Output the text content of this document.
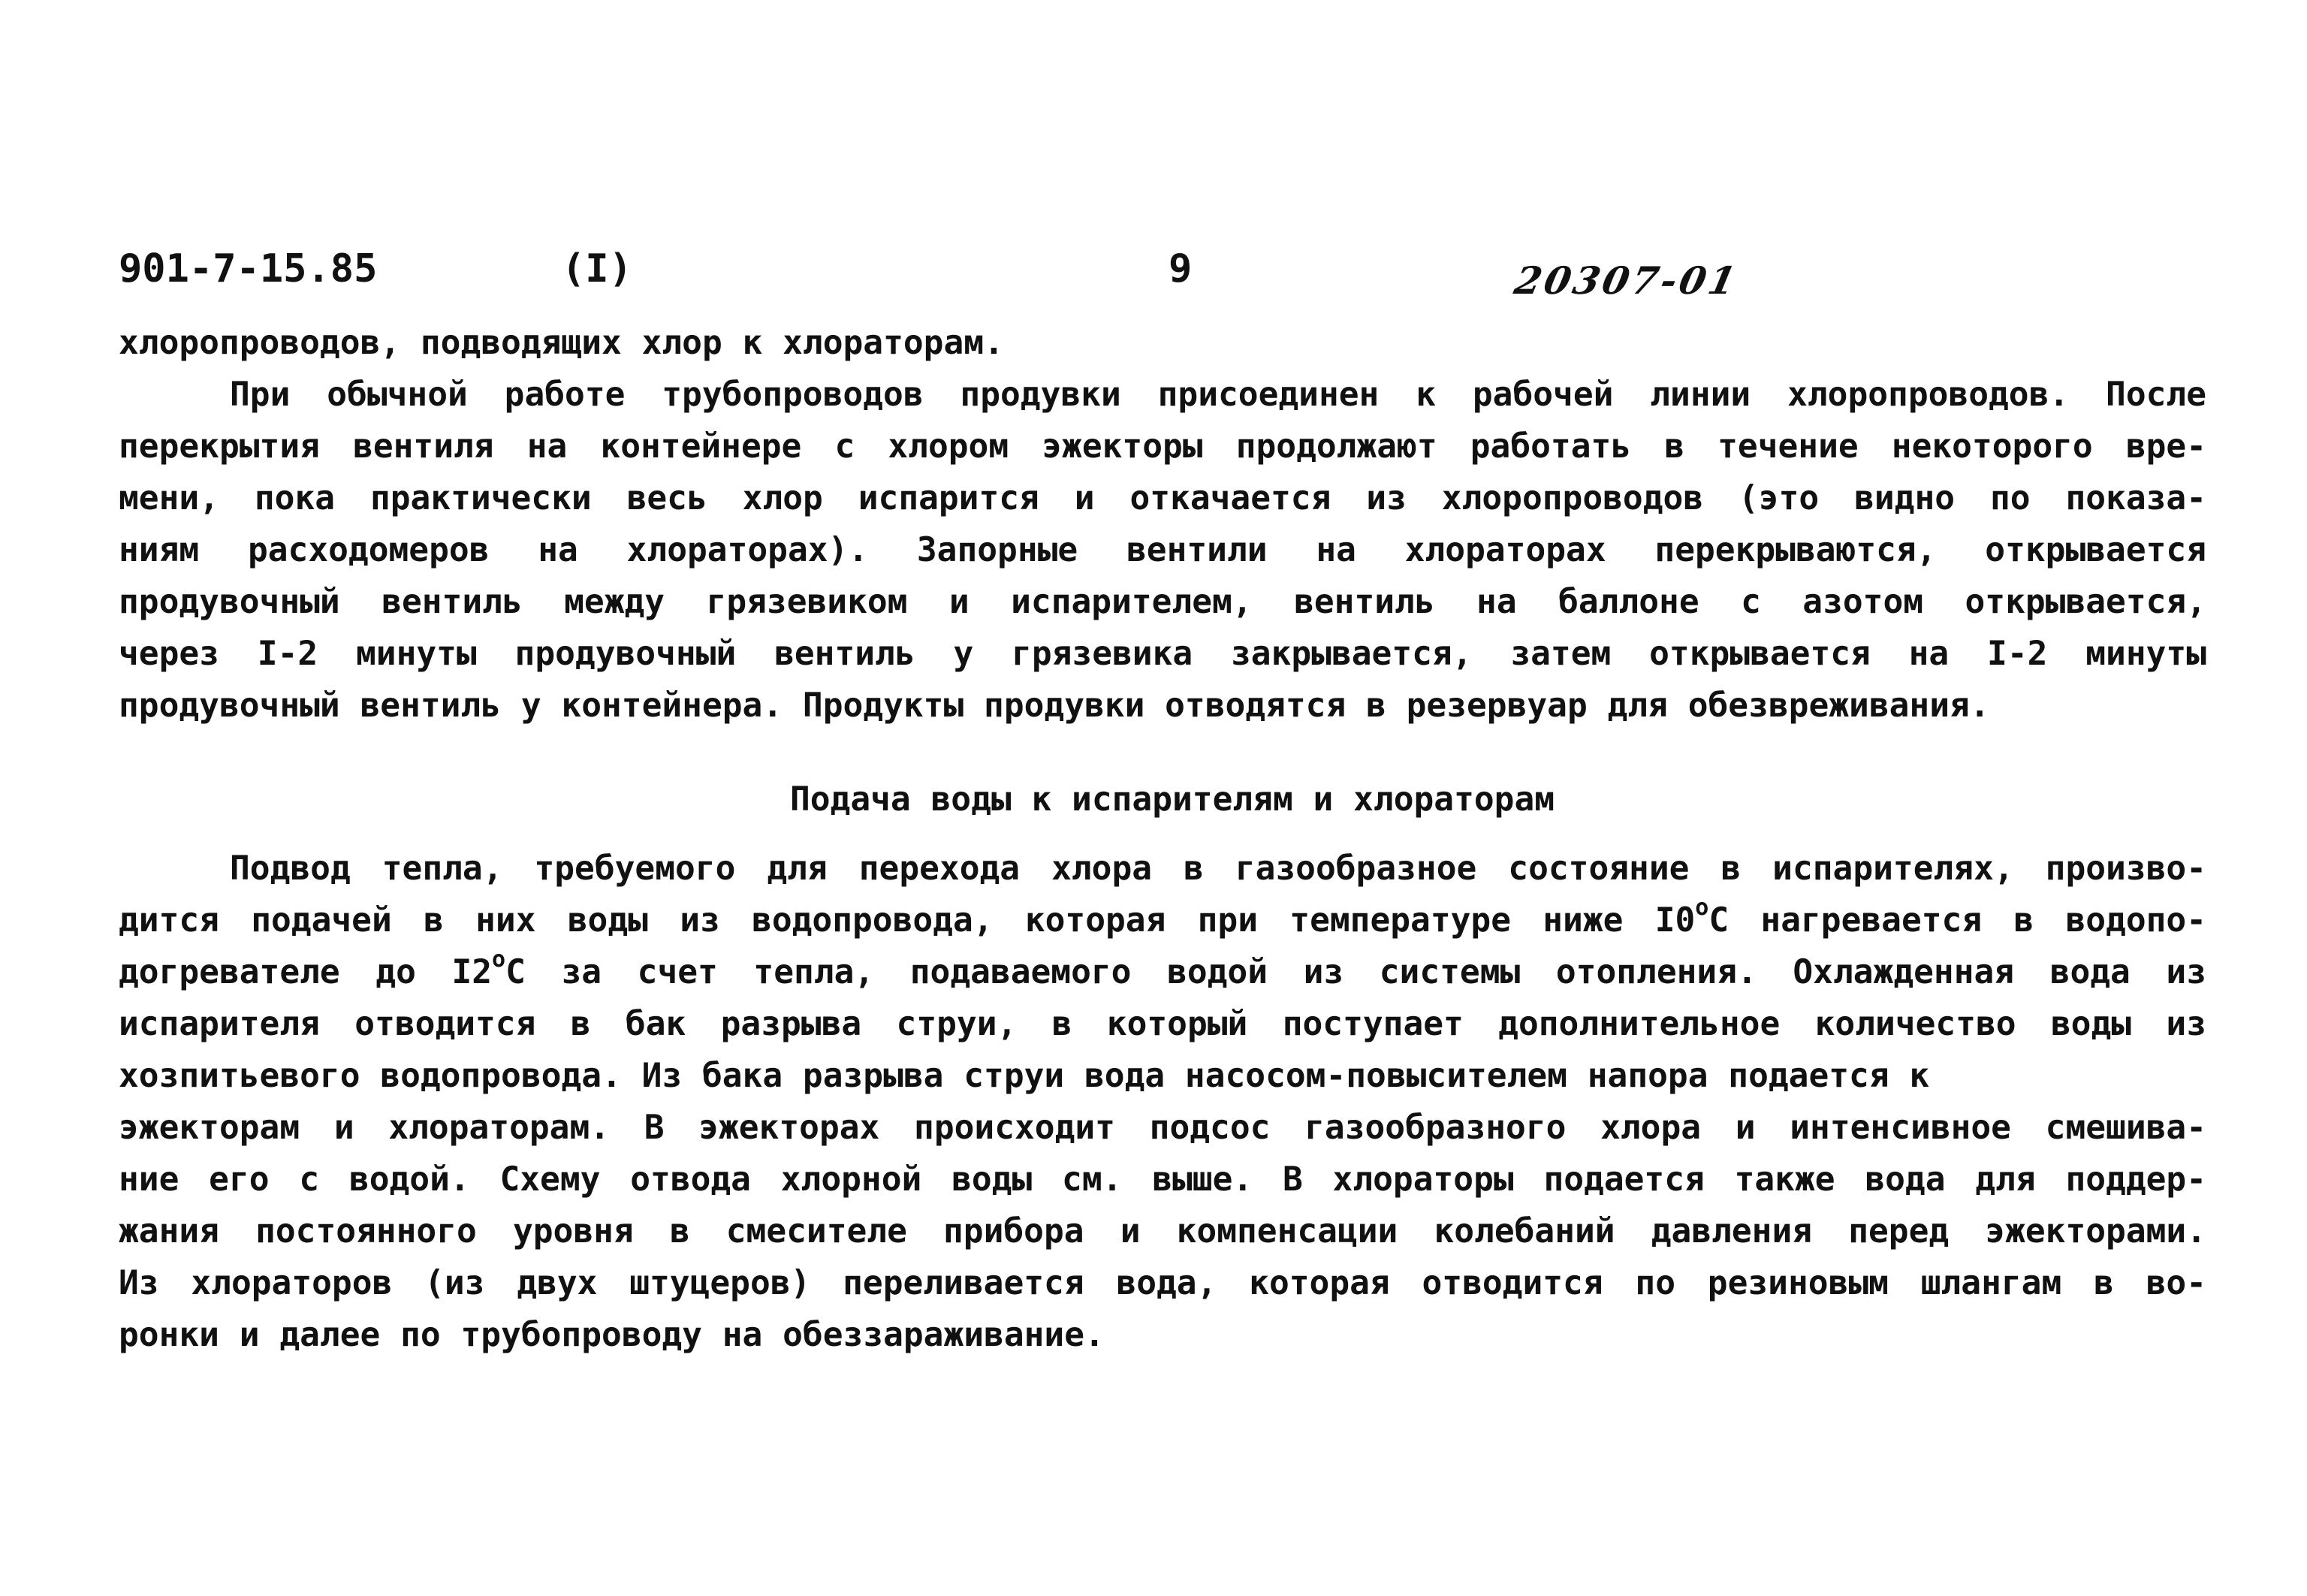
901-7-15.85	(I)	9	20307-01
хлоропроводов, подводящих хлор к хлораторам.
При обычной работе трубопроводов продувки присоединен к рабочей линии хлоропроводов. После
перекрытия вентиля на контейнере с хлором эжекторы продолжают работать в течение некоторого вре-
мени, пока практически весь хлор испарится и откачается из хлоропроводов (это видно по показа-
ниям расходомеров на хлораторах). Запорные вентили на хлораторах перекрываются, открывается
продувочный вентиль между грязевиком и испарителем, вентиль на баллоне с азотом открывается,
через I-2 минуты продувочный вентиль у грязевика закрывается, затем открывается на I-2 минуты
продувочный вентиль у контейнера. Продукты продувки отводятся в резервуар для обезвреживания.
Подача воды к испарителям и хлораторам
Подвод тепла, требуемого для перехода хлора в газообразное состояние в испарителях, произво-
дится подачей в них воды из водопровода, которая при температуре ниже I0$^o$C нагревается в водопо-
догревателе до I2$^o$C за счет тепла, подаваемого водой из системы отопления. Охлажденная вода из
испарителя отводится в бак разрыва струи, в который поступает дополнительное количество воды из
хозпитьевого водопровода. Из бака разрыва струи вода насосом-повысителем напора подается к
эжекторам и хлораторам. В эжекторах происходит подсос газообразного хлора и интенсивное смешива-
ние его с водой. Схему отвода хлорной воды см. выше. В хлораторы подается также вода для поддер-
жания постоянного уровня в смесителе прибора и компенсации колебаний давления перед эжекторами.
Из хлораторов (из двух штуцеров) переливается вода, которая отводится по резиновым шлангам в во-
ронки и далее по трубопроводу на обеззараживание.
